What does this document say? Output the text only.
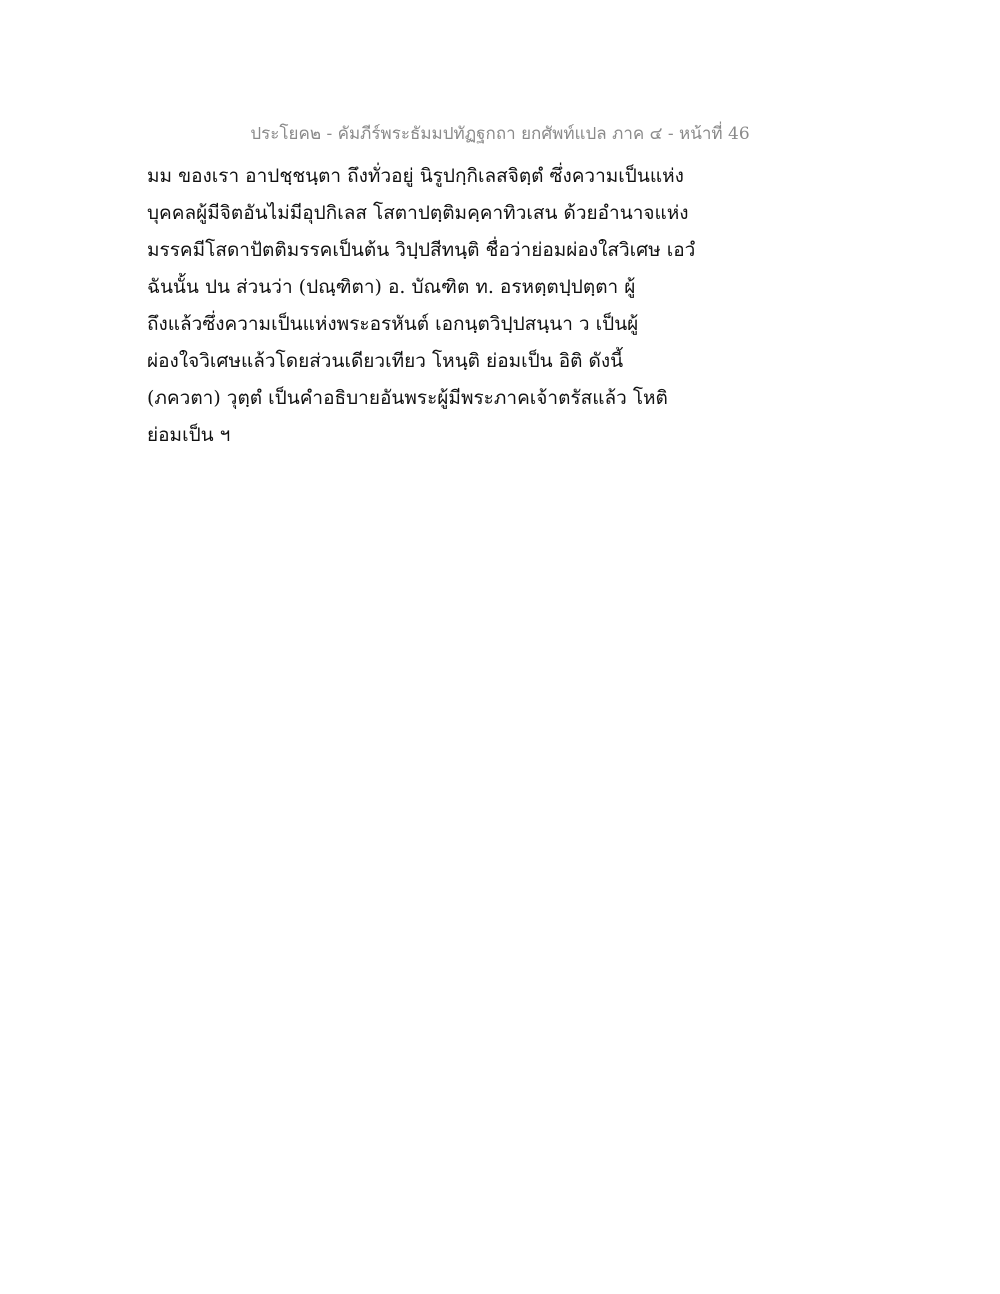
ประโยค๒ - คัมภีร์พระธัมมปทัฏฐกถา ยกศัพท์แปล ภาค ๔ - หน้าที่ 46
มม ของเรา อาปชฺชนฺตา ถึงทั่วอยู่ นิรูปกฺกิเลสจิตฺตํ ซึ่งความเป็นแห่ง
บุคคลผู้มีจิตอันไม่มีอุปกิเลส โสตาปตฺติมคฺคาทิวเสน ด้วยอำนาจแห่ง
มรรคมีโสดาปัตติมรรคเป็นต้น วิปฺปสีทนฺติ ชื่อว่าย่อมผ่องใสวิเศษ เอวํ
ฉันนั้น ปน ส่วนว่า (ปณฺฑิตา) อ. บัณฑิต ท. อรหตฺตปฺปตฺตา ผู้
ถึงแล้วซึ่งความเป็นแห่งพระอรหันต์ เอกนฺตวิปฺปสนฺนา ว เป็นผู้
ผ่องใจวิเศษแล้วโดยส่วนเดียวเทียว โหนฺติ ย่อมเป็น อิติ ดังนี้
(ภควตา) วุตฺตํ เป็นคำอธิบายอันพระผู้มีพระภาคเจ้าตรัสแล้ว โหติ
ย่อมเป็น ฯ
